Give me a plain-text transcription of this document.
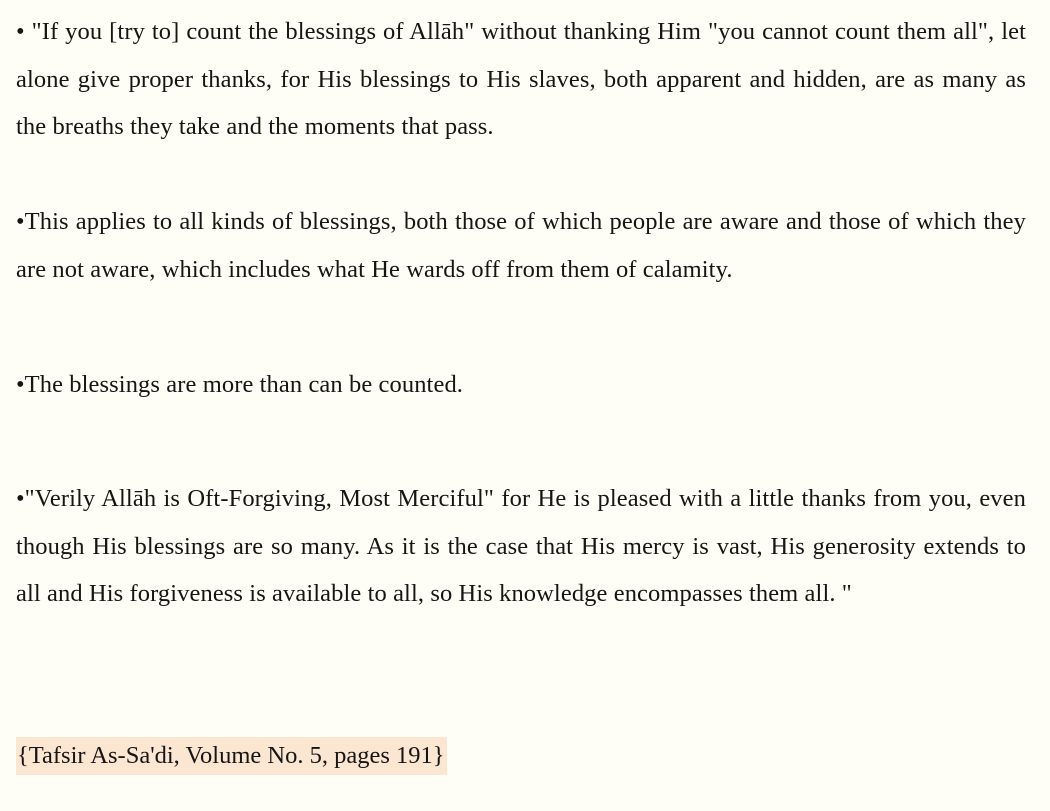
• "If you [try to] count the blessings of Allāh" without thanking Him "you cannot count them all", let alone give proper thanks, for His blessings to His slaves, both apparent and hidden, are as many as the breaths they take and the moments that pass.

•This applies to all kinds of blessings, both those of which people are aware and those of which they are not aware, which includes what He wards off from them of calamity.

•The blessings are more than can be counted.

•"Verily Allāh is Oft-Forgiving, Most Merciful" for He is pleased with a little thanks from you, even though His blessings are so many. As it is the case that His mercy is vast, His generosity extends to all and His forgiveness is available to all, so His knowledge encompasses them all. "

{Tafsir As-Sa'di, Volume No. 5, pages 191}
